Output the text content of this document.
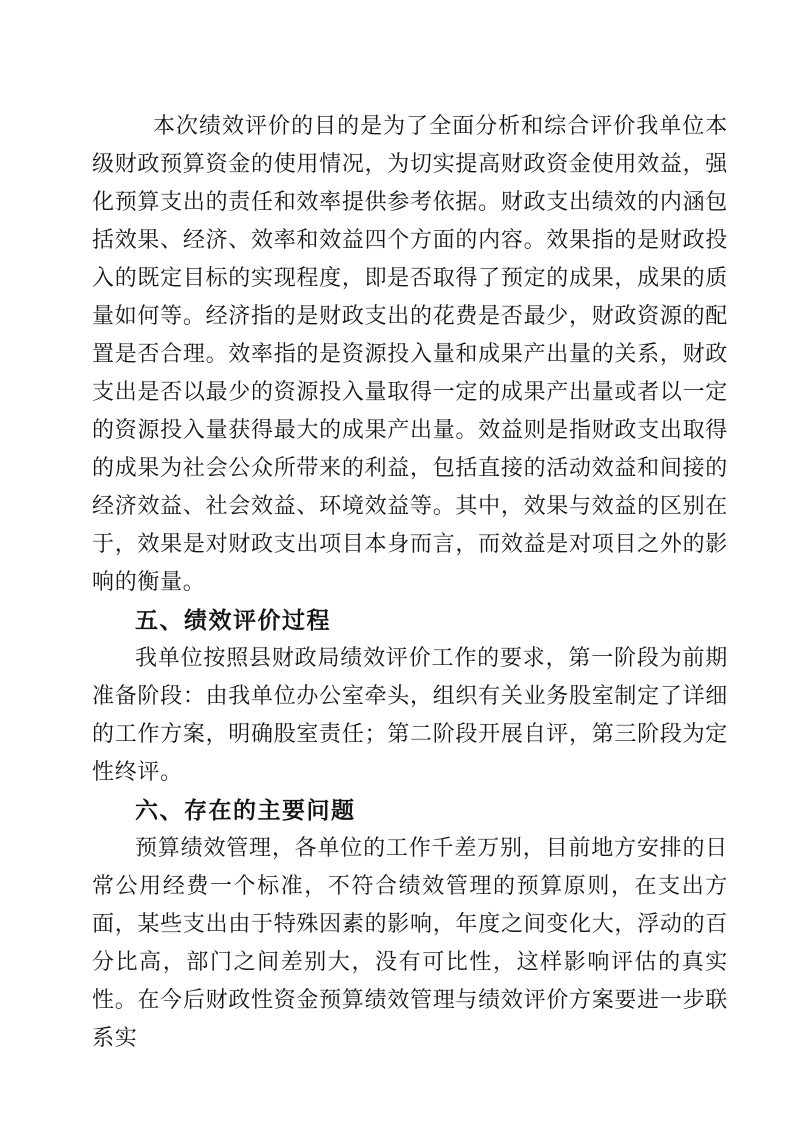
本次绩效评价的目的是为了全面分析和综合评价我单位本级财政预算资金的使用情况，为切实提高财政资金使用效益，强化预算支出的责任和效率提供参考依据。财政支出绩效的内涵包括效果、经济、效率和效益四个方面的内容。效果指的是财政投入的既定目标的实现程度，即是否取得了预定的成果，成果的质量如何等。经济指的是财政支出的花费是否最少，财政资源的配置是否合理。效率指的是资源投入量和成果产出量的关系，财政支出是否以最少的资源投入量取得一定的成果产出量或者以一定的资源投入量获得最大的成果产出量。效益则是指财政支出取得的成果为社会公众所带来的利益，包括直接的活动效益和间接的经济效益、社会效益、环境效益等。其中，效果与效益的区别在于，效果是对财政支出项目本身而言，而效益是对项目之外的影响的衡量。

五、绩效评价过程

我单位按照县财政局绩效评价工作的要求，第一阶段为前期准备阶段：由我单位办公室牵头，组织有关业务股室制定了详细的工作方案，明确股室责任；第二阶段开展自评，第三阶段为定性终评。

六、存在的主要问题

预算绩效管理，各单位的工作千差万别，目前地方安排的日常公用经费一个标准，不符合绩效管理的预算原则，在支出方面，某些支出由于特殊因素的影响，年度之间变化大，浮动的百分比高，部门之间差别大，没有可比性，这样影响评估的真实性。在今后财政性资金预算绩效管理与绩效评价方案要进一步联系实
